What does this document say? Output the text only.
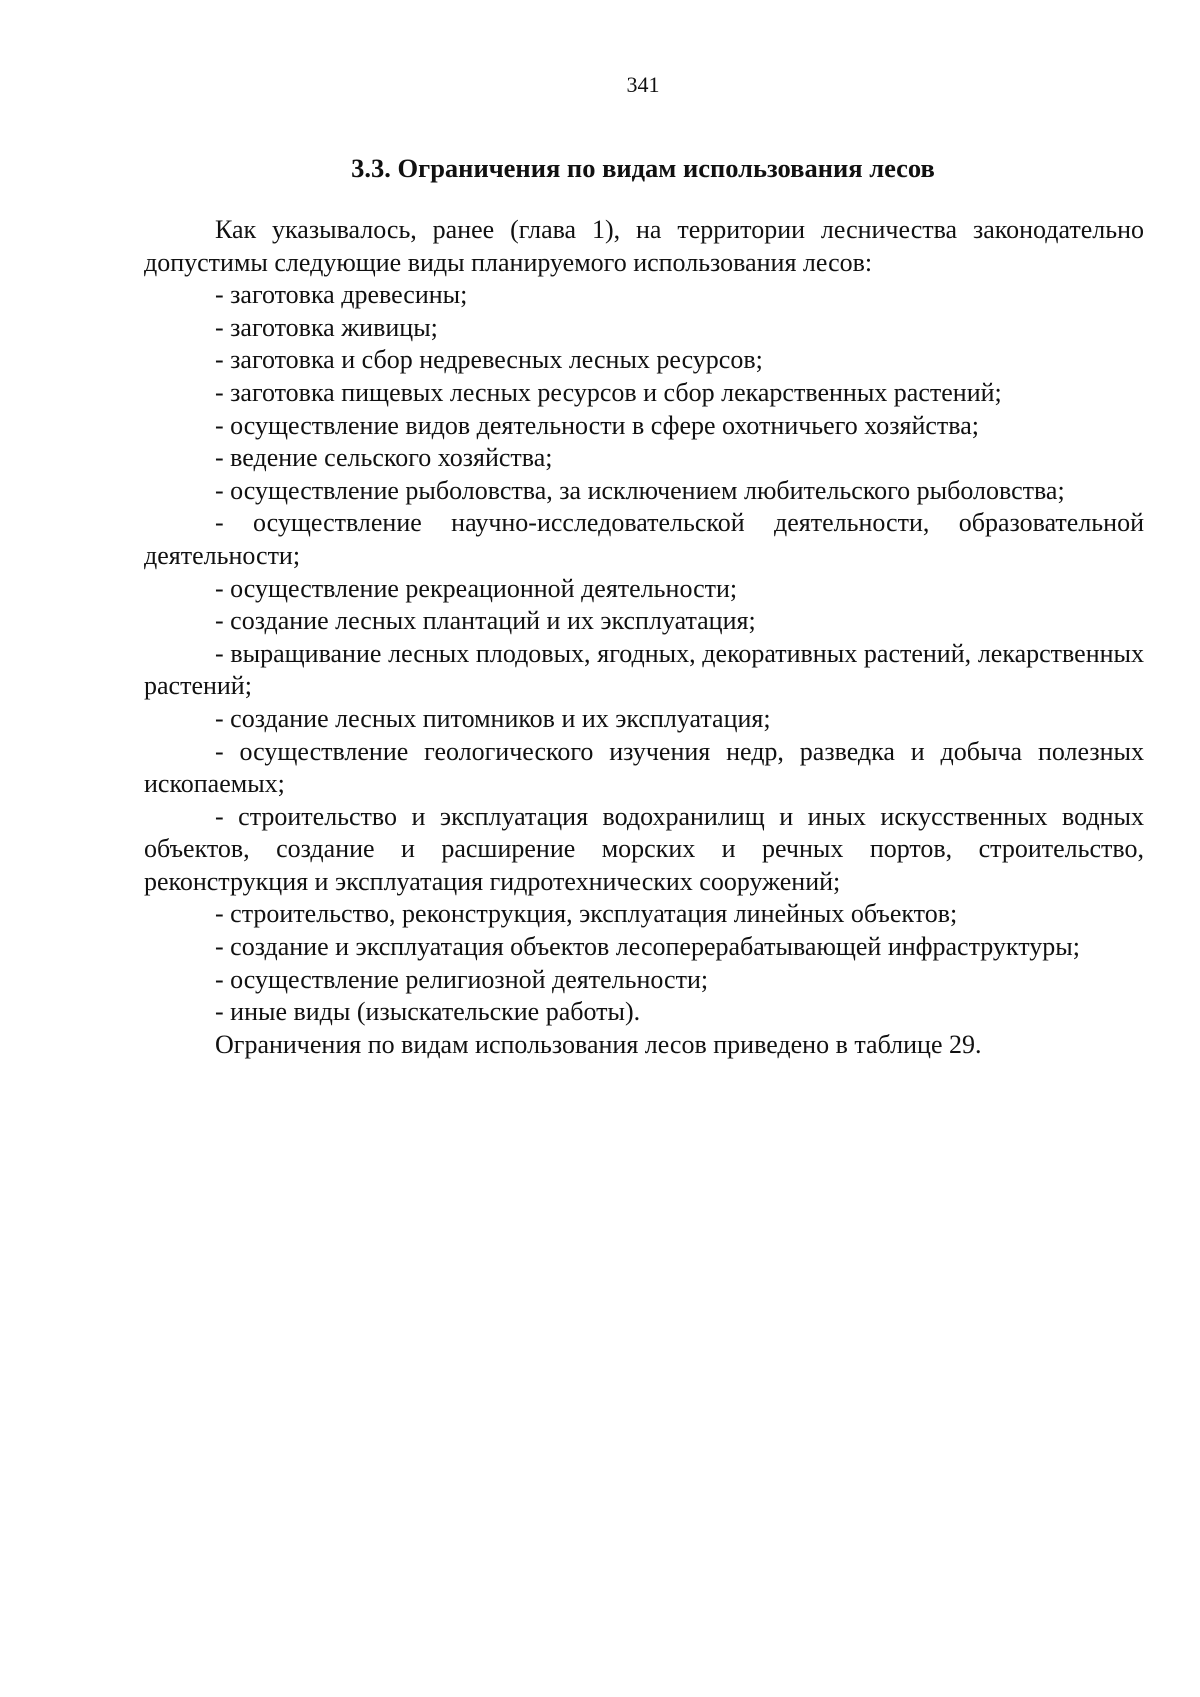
341
3.3. Ограничения по видам использования лесов

Как указывалось, ранее (глава 1), на территории лесничества законодательно допустимы следующие виды планируемого использования лесов:

- заготовка древесины;

- заготовка живицы;

- заготовка и сбор недревесных лесных ресурсов;

- заготовка пищевых лесных ресурсов и сбор лекарственных растений;

- осуществление видов деятельности в сфере охотничьего хозяйства;

- ведение сельского хозяйства;

- осуществление рыболовства, за исключением любительского рыболовства;

- осуществление научно-исследовательской деятельности, образовательной деятельности;

- осуществление рекреационной деятельности;

- создание лесных плантаций и их эксплуатация;

- выращивание лесных плодовых, ягодных, декоративных растений, лекарственных растений;

- создание лесных питомников и их эксплуатация;

- осуществление геологического изучения недр, разведка и добыча полезных ископаемых;

- строительство и эксплуатация водохранилищ и иных искусственных водных объектов, создание и расширение морских и речных портов, строительство, реконструкция и эксплуатация гидротехнических сооружений;

- строительство, реконструкция, эксплуатация линейных объектов;

- создание и эксплуатация объектов лесоперерабатывающей инфраструктуры;

- осуществление религиозной деятельности;

- иные виды (изыскательские работы).

Ограничения по видам использования лесов приведено в таблице 29.
